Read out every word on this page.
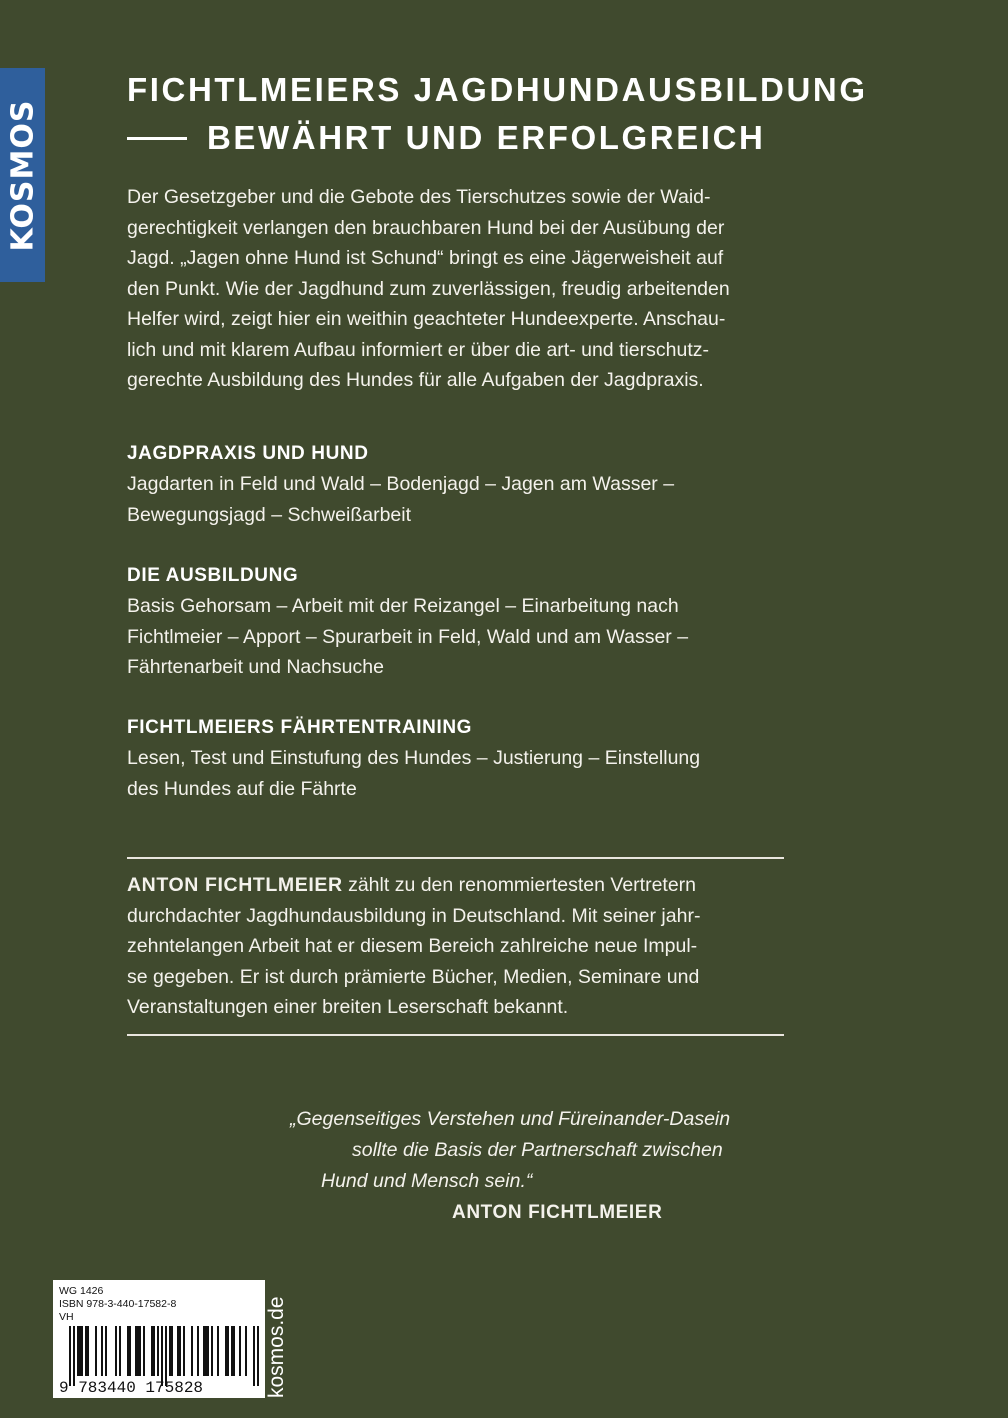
KOSMOS
FICHTLMEIERS JAGDHUNDAUSBILDUNG
BEWÄHRT UND ERFOLGREICH
Der Gesetzgeber und die Gebote des Tierschutzes sowie der Waid-
gerechtigkeit verlangen den brauchbaren Hund bei der Ausübung der
Jagd. „Jagen ohne Hund ist Schund“ bringt es eine Jägerweisheit auf
den Punkt. Wie der Jagdhund zum zuverlässigen, freudig arbeitenden
Helfer wird, zeigt hier ein weithin geachteter Hundeexperte. Anschau-
lich und mit klarem Aufbau informiert er über die art- und tierschutz-
gerechte Ausbildung des Hundes für alle Aufgaben der Jagdpraxis.
JAGDPRAXIS UND HUND

Jagdarten in Feld und Wald – Bodenjagd – Jagen am Wasser –
Bewegungsjagd – Schweißarbeit

DIE AUSBILDUNG

Basis Gehorsam – Arbeit mit der Reizangel – Einarbeitung nach
Fichtlmeier – Apport – Spurarbeit in Feld, Wald und am Wasser –
Fährtenarbeit und Nachsuche

FICHTLMEIERS FÄHRTENTRAINING

Lesen, Test und Einstufung des Hundes – Justierung – Einstellung
des Hundes auf die Fährte

ANTON FICHTLMEIER zählt zu den renommiertesten Vertretern
durchdachter Jagdhundausbildung in Deutschland. Mit seiner jahr-
zehntelangen Arbeit hat er diesem Bereich zahlreiche neue Impul-
se gegeben. Er ist durch prämierte Bücher, Medien, Seminare und
Veranstaltungen einer breiten Leserschaft bekannt.
„Gegenseitiges Verstehen und Füreinander-Dasein
sollte die Basis der Partnerschaft zwischen
Hund und Mensch sein.“
ANTON FICHTLMEIER
WG 1426
ISBN 978-3-440-17582-8
VH
9 783440 175828	kosmos.de
